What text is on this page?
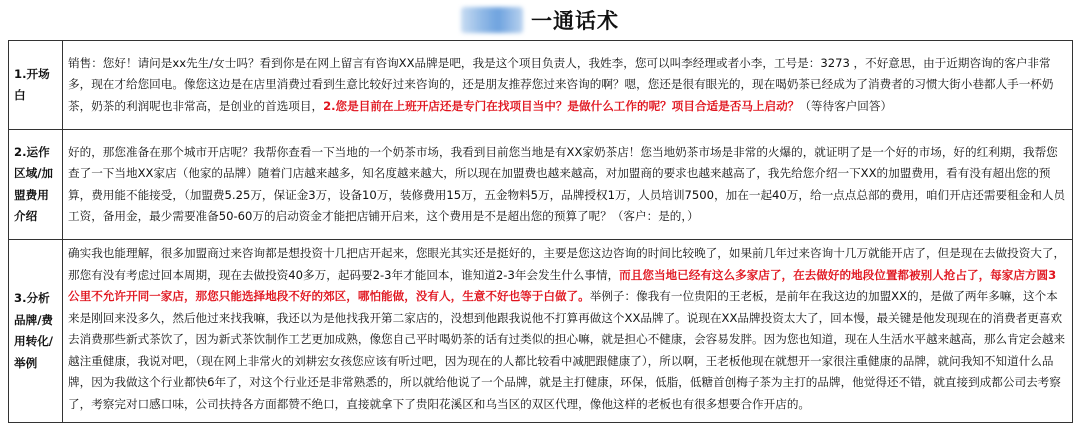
一通话术
1.开场白	销售：您好！请问是xx先生/女士吗？看到你是在网上留言有咨询XX品牌是吧，我是这个项目负责人，我姓李，您可以叫李经理或者小李，工号是：3273 ，不好意思，由于近期咨询的客户非常多，现在才给您回电。像您这边是在店里消费过看到生意比较好过来咨询的，还是朋友推荐您过来咨询的啊？嗯，您还是很有眼光的，现在喝奶茶已经成为了消费者的习惯大街小巷都人手一杯奶茶，奶茶的利润呢也非常高，是创业的首选项目，2.您是目前在上班开店还是专门在找项目当中？是做什么工作的呢？项目合适是否马上启动？（等待客户回答）
2.运作区域/加盟费用介绍	好的，那您准备在那个城市开店呢？我帮你查看一下当地的一个奶茶市场，我看到目前您当地是有XX家奶茶店！您当地奶茶市场是非常的火爆的，就证明了是一个好的市场，好的红利期，我帮您查了一下当地XX家店（他家的品牌）随着门店越来越多，知名度越来越大，所以现在加盟费也越来越高，对加盟商的要求也越来越高了，我先给您介绍一下XX的加盟费用，看有没有超出您的预算，费用能不能接受，（加盟费5.25万，保证金3万，设备10万，装修费用15万，五金物料5万，品牌授权1万，人员培训7500，加在一起40万，给一点点总部的费用，咱们开店还需要租金和人员工资，备用金，最少需要准备50-60万的启动资金才能把店铺开启来，这个费用是不是超出您的预算了呢？（客户：是的，）
3.分析品牌/费用转化/举例	确实我也能理解，很多加盟商过来咨询都是想投资十几把店开起来，您眼光其实还是挺好的，主要是您这边咨询的时间比较晚了，如果前几年过来咨询十几万就能开店了，但是现在去做投资大了，那您有没有考虑过回本周期，现在去做投资40多万，起码要2-3年才能回本，谁知道2-3年会发生什么事情，而且您当地已经有这么多家店了，在去做好的地段位置都被别人抢占了，每家店方圆3公里不允许开同一家店，那您只能选择地段不好的郊区，哪怕能做，没有人，生意不好也等于白做了。举例子：像我有一位贵阳的王老板，是前年在我这边的加盟XX的，是做了两年多嘛，这个本来是刚回来没多久，然后他过来找我嘛，我还以为是他找我开第二家店的，没想到他跟我说他不打算再做这个XX品牌了。说现在XX品牌投资太大了，回本慢，最关键是他发现现在的消费者更喜欢去消费那些新式茶饮了，因为新式茶饮制作工艺更加成熟，像您自己平时喝奶茶的话有过类似的担心嘛，就是担心不健康，会容易发胖。因为您也知道，现在人生活水平越来越高，那么肯定会越来越注重健康，我说对吧，（现在网上非常火的刘耕宏女孩您应该有听过吧，因为现在的人都比较看中减肥跟健康了），所以啊，王老板他现在就想开一家很注重健康的品牌，就问我知不知道什么品牌，因为我做这个行业都快6年了，对这个行业还是非常熟悉的，所以就给他说了一个品牌，就是主打健康，环保，低脂，低糖首创梅子茶为主打的品牌，他觉得还不错，就直接到成都公司去考察了，考察完对口感口味，公司扶持各方面都赞不绝口，直接就拿下了贵阳花溪区和乌当区的双区代理，像他这样的老板也有很多想要合作开店的。
